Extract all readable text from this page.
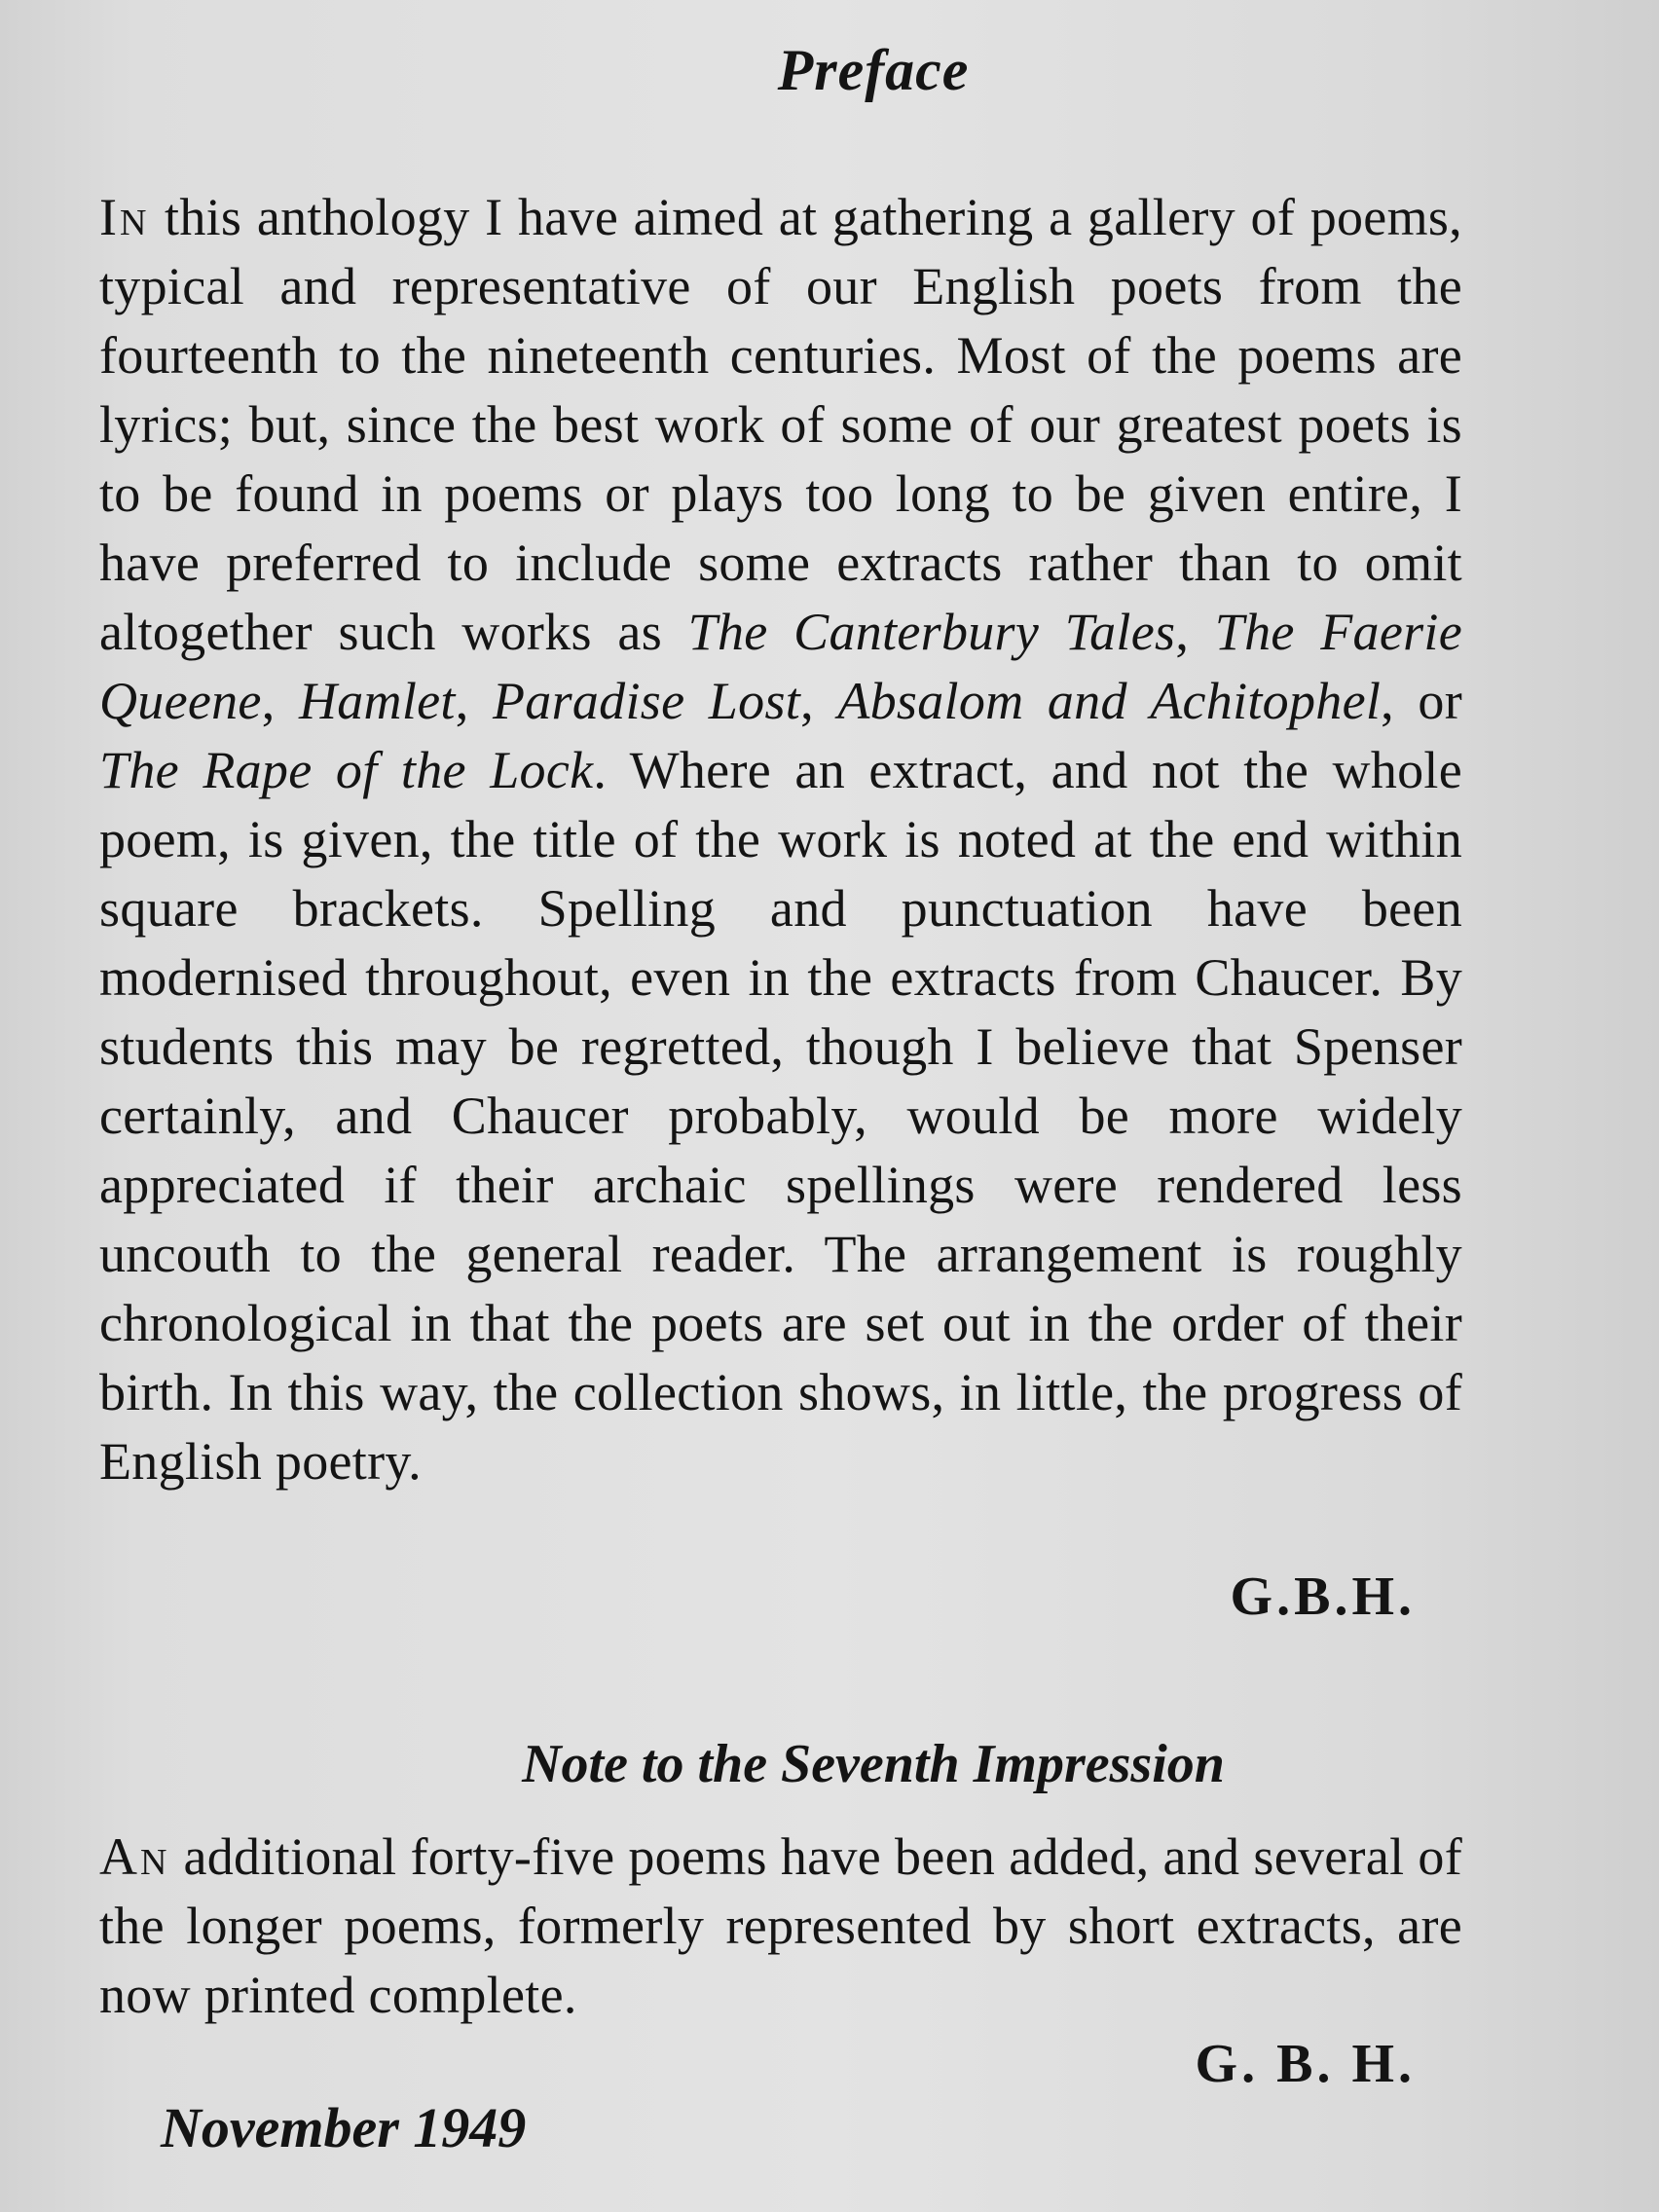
Preface

In this anthology I have aimed at gathering a gallery of poems, typical and representative of our English poets from the fourteenth to the nineteenth centuries. Most of the poems are lyrics; but, since the best work of some of our greatest poets is to be found in poems or plays too long to be given entire, I have preferred to include some extracts rather than to omit altogether such works as The Canterbury Tales, The Faerie Queene, Hamlet, Paradise Lost, Absalom and Achitophel, or The Rape of the Lock. Where an extract, and not the whole poem, is given, the title of the work is noted at the end within square brackets. Spelling and punctuation have been modernised throughout, even in the extracts from Chaucer. By students this may be regretted, though I believe that Spenser certainly, and Chaucer probably, would be more widely appreciated if their archaic spellings were rendered less uncouth to the general reader. The arrangement is roughly chronological in that the poets are set out in the order of their birth. In this way, the collection shows, in little, the progress of English poetry.

G.B.H.

Note to the Seventh Impression

An additional forty-five poems have been added, and several of the longer poems, formerly represented by short extracts, are now printed complete.

G. B. H.

November 1949
